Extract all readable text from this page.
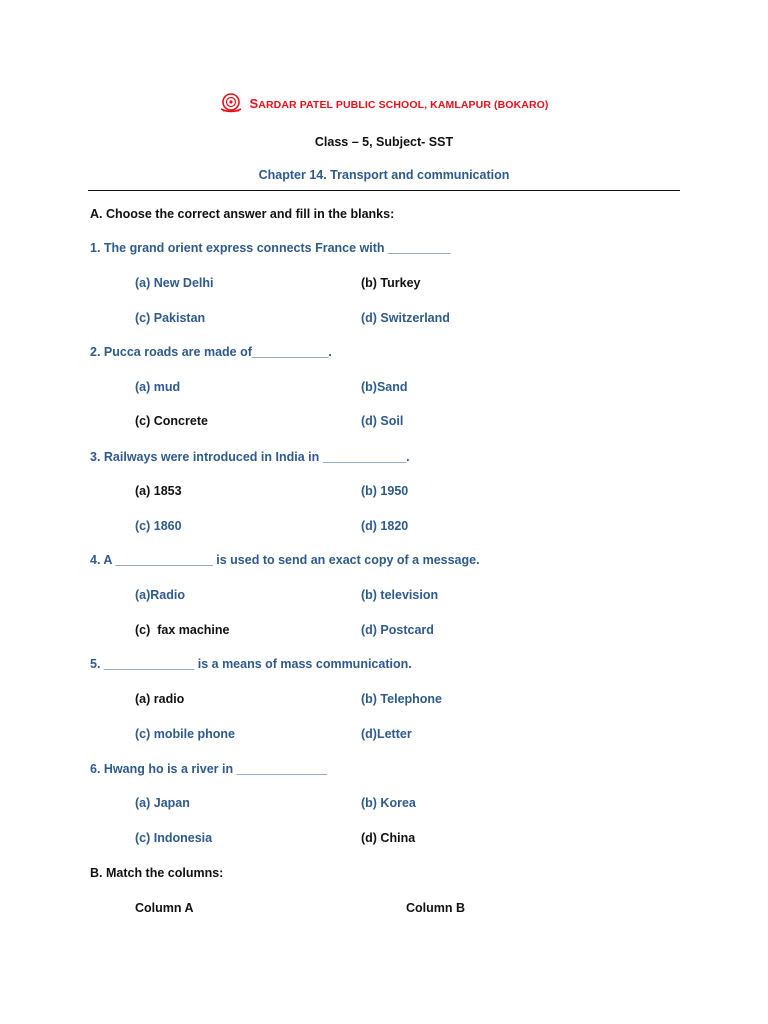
SARDAR PATEL PUBLIC SCHOOL, KAMLAPUR (BOKARO)
Class – 5, Subject- SST
Chapter 14. Transport and communication
A. Choose the correct answer and fill in the blanks:
1. The grand orient express connects France with _________
(a) New Delhi	(b) Turkey
(c) Pakistan	(d) Switzerland
2. Pucca roads are made of___________.
(a) mud	(b)Sand
(c) Concrete	(d) Soil
3. Railways were introduced in India in ____________.
(a) 1853	(b) 1950
(c) 1860	(d) 1820
4. A ______________ is used to send an exact copy of a message.
(a)Radio	(b) television
(c)  fax machine	(d) Postcard
5. _____________ is a means of mass communication.
(a) radio	(b) Telephone
(c) mobile phone	(d)Letter
6. Hwang ho is a river in _____________
(a) Japan	(b) Korea
(c) Indonesia	(d) China
B. Match the columns:
Column A	Column B
